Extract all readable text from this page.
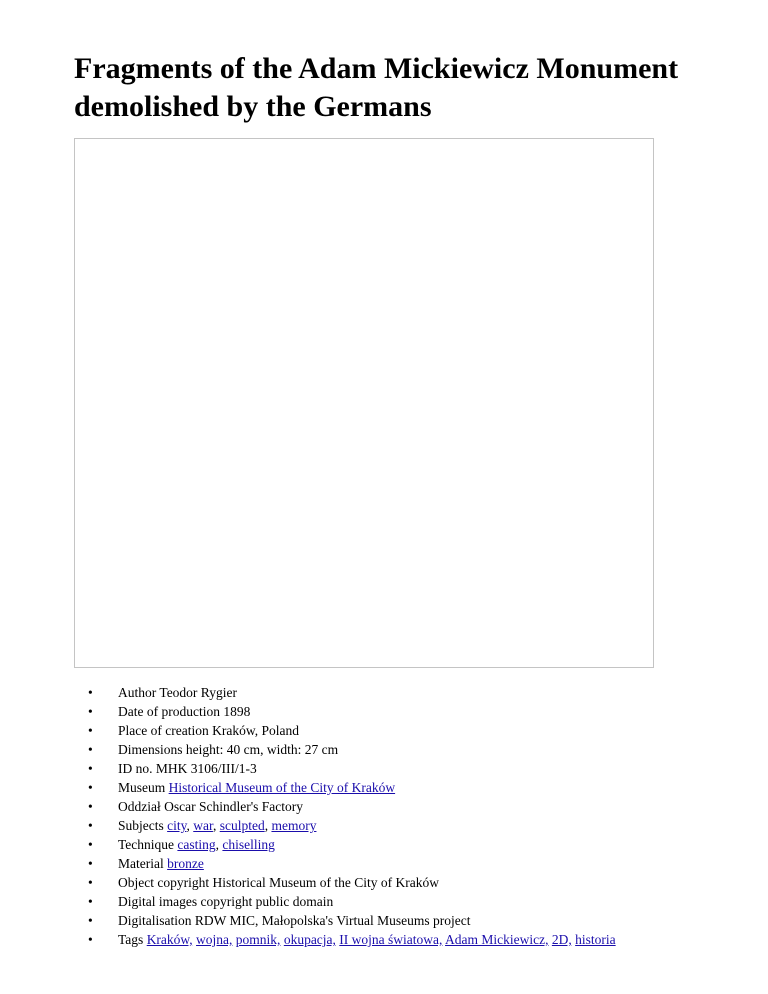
Fragments of the Adam Mickiewicz Monument demolished by the Germans
• Author Teodor Rygier
• Date of production 1898
• Place of creation Kraków, Poland
• Dimensions height: 40 cm, width: 27 cm
• ID no. MHK 3106/III/1-3
• Museum Historical Museum of the City of Kraków
• Oddział Oscar Schindler's Factory
• Subjects city, war, sculpted, memory
• Technique casting, chiselling
• Material bronze
• Object copyright Historical Museum of the City of Kraków
• Digital images copyright public domain
• Digitalisation RDW MIC, Małopolska's Virtual Museums project
• Tags Kraków, wojna, pomnik, okupacja, II wojna światowa, Adam Mickiewicz, 2D, historia
